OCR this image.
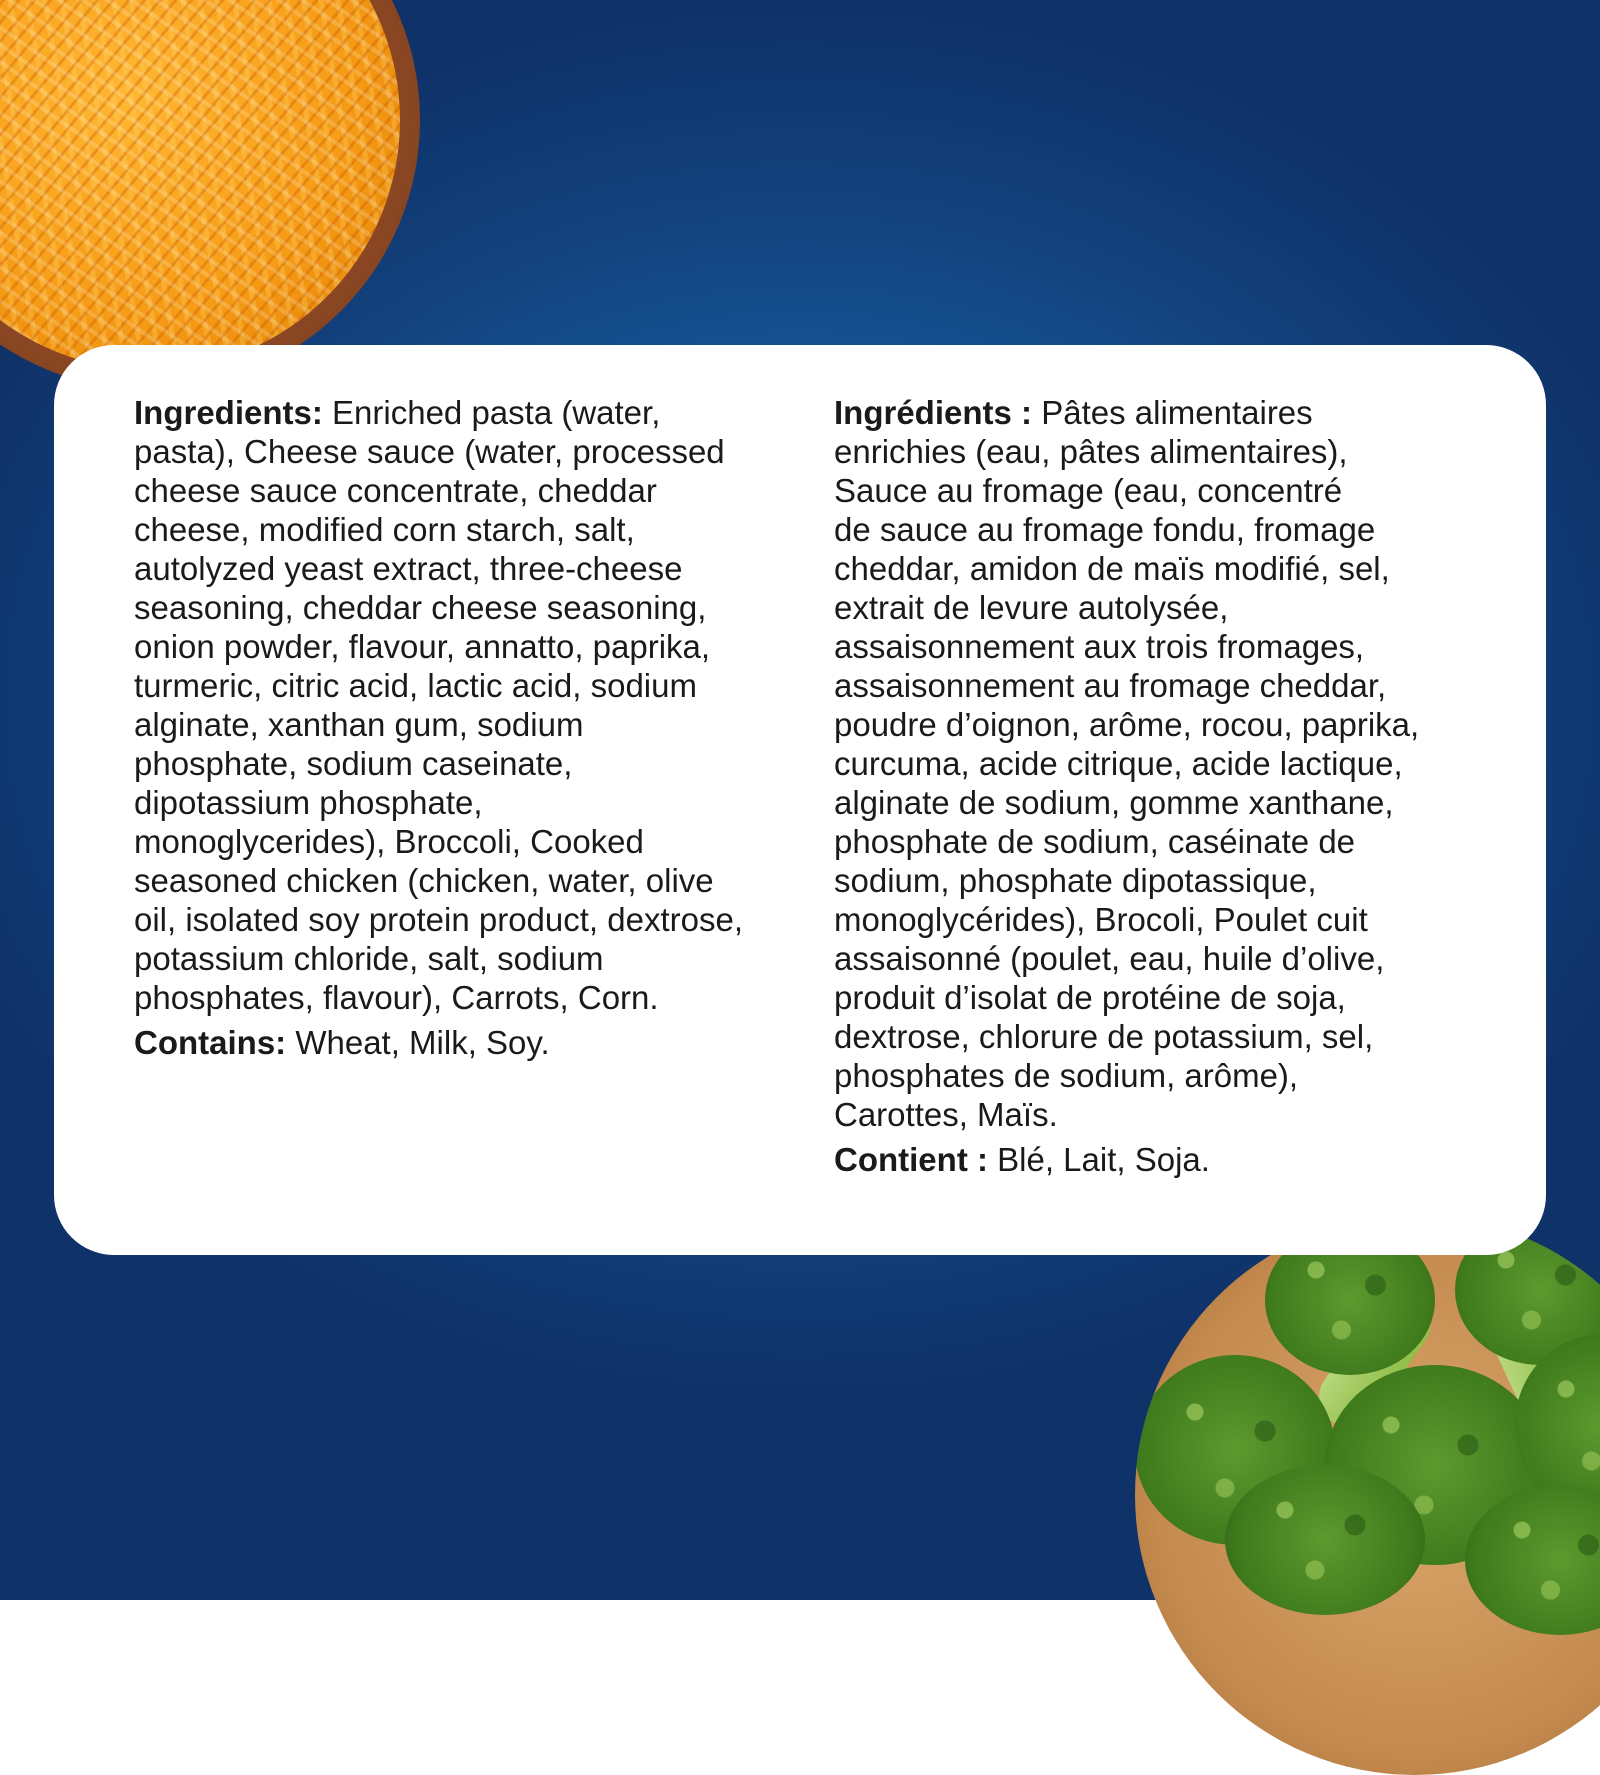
Ingredients: Enriched pasta (water,
pasta), Cheese sauce (water, processed
cheese sauce concentrate, cheddar
cheese, modified corn starch, salt,
autolyzed yeast extract, three-cheese
seasoning, cheddar cheese seasoning,
onion powder, flavour, annatto, paprika,
turmeric, citric acid, lactic acid, sodium
alginate, xanthan gum, sodium
phosphate, sodium caseinate,
dipotassium phosphate,
monoglycerides), Broccoli, Cooked
seasoned chicken (chicken, water, olive
oil, isolated soy protein product, dextrose,
potassium chloride, salt, sodium
phosphates, flavour), Carrots, Corn.
Contains: Wheat, Milk, Soy.
Ingrédients : Pâtes alimentaires
enrichies (eau, pâtes alimentaires),
Sauce au fromage (eau, concentré
de sauce au fromage fondu, fromage
cheddar, amidon de maïs modifié, sel,
extrait de levure autolysée,
assaisonnement aux trois fromages,
assaisonnement au fromage cheddar,
poudre d’oignon, arôme, rocou, paprika,
curcuma, acide citrique, acide lactique,
alginate de sodium, gomme xanthane,
phosphate de sodium, caséinate de
sodium, phosphate dipotassique,
monoglycérides), Brocoli, Poulet cuit
assaisonné (poulet, eau, huile d’olive,
produit d’isolat de protéine de soja,
dextrose, chlorure de potassium, sel,
phosphates de sodium, arôme),
Carottes, Maïs.
Contient : Blé, Lait, Soja.
